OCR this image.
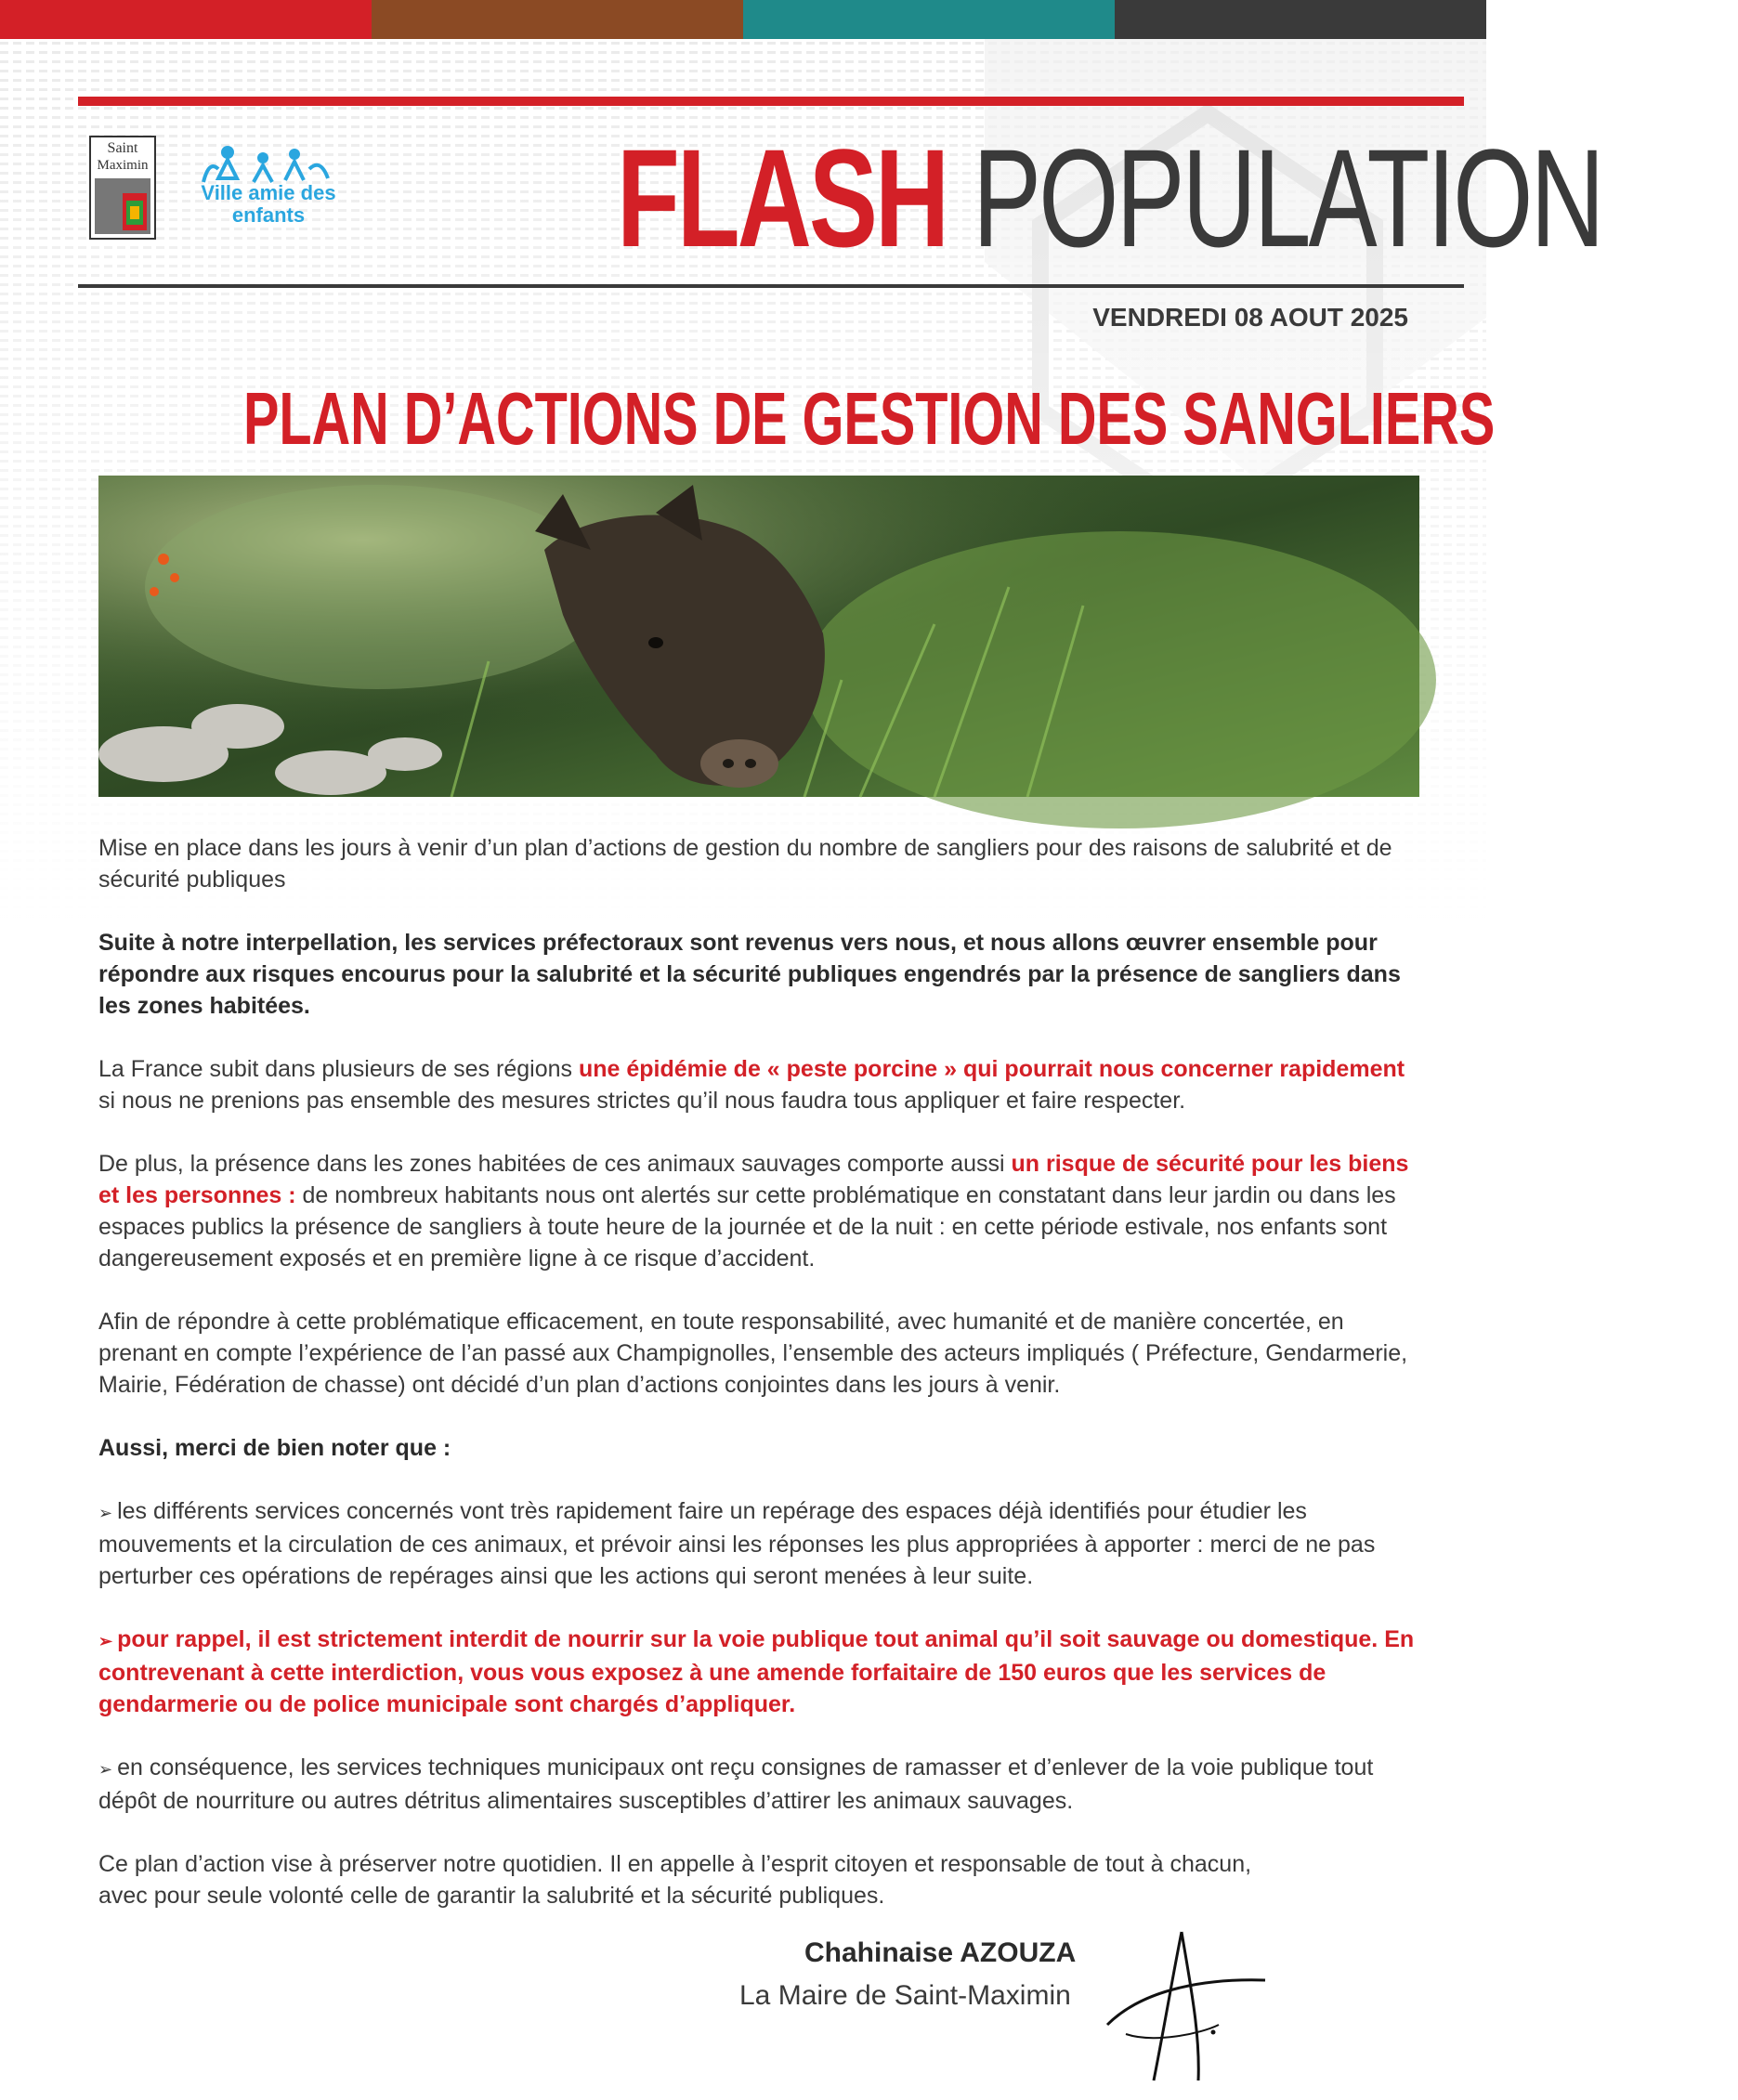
Saint
Maximin
Ville amie des enfants FLASH POPULATION
VENDREDI 08 AOUT 2025
PLAN D’ACTIONS DE GESTION DES SANGLIERS

Mise en place dans les jours à venir d’un plan d’actions de gestion du nombre de sangliers pour des raisons de salubrité et de sécurité publiques

Suite à notre interpellation, les services préfectoraux sont revenus vers nous, et nous allons œuvrer ensemble pour répondre aux risques encourus pour la salubrité et la sécurité publiques engendrés par la présence de sangliers dans les zones habitées.

La France subit dans plusieurs de ses régions une épidémie de « peste porcine » qui pourrait nous concerner rapidement si nous ne prenions pas ensemble des mesures strictes qu’il nous faudra tous appliquer et faire respecter.

De plus, la présence dans les zones habitées de ces animaux sauvages comporte aussi un risque de sécurité pour les biens et les personnes : de nombreux habitants nous ont alertés sur cette problématique en constatant dans leur jardin ou dans les espaces publics la présence de sangliers à toute heure de la journée et de la nuit : en cette période estivale, nos enfants sont dangereusement exposés et en première ligne à ce risque d’accident.

Afin de répondre à cette problématique efficacement, en toute responsabilité, avec humanité et de manière concertée, en prenant en compte l’expérience de l’an passé aux Champignolles, l’ensemble des acteurs impliqués ( Préfecture, Gendarmerie, Mairie, Fédération de chasse) ont décidé d’un plan d’actions conjointes dans les jours à venir.

Aussi, merci de bien noter que :

➢ les différents services concernés vont très rapidement faire un repérage des espaces déjà identifiés pour étudier les mouvements et la circulation de ces animaux, et prévoir ainsi les réponses les plus appropriées à apporter : merci de ne pas perturber ces opérations de repérages ainsi que les actions qui seront menées à leur suite.

➢ pour rappel, il est strictement interdit de nourrir sur la voie publique tout animal qu’il soit sauvage ou domestique. En contrevenant à cette interdiction, vous vous exposez à une amende forfaitaire de 150 euros que les services de gendarmerie ou de police municipale sont chargés d’appliquer.

➢ en conséquence, les services techniques municipaux ont reçu consignes de ramasser et d’enlever de la voie publique tout dépôt de nourriture ou autres détritus alimentaires susceptibles d’attirer les animaux sauvages.

Ce plan d’action vise à préserver notre quotidien. Il en appelle à l’esprit citoyen et responsable de tout à chacun,
avec pour seule volonté celle de garantir la salubrité et la sécurité publiques.

Chahinaise AZOUZA
La Maire de Saint-Maximin
